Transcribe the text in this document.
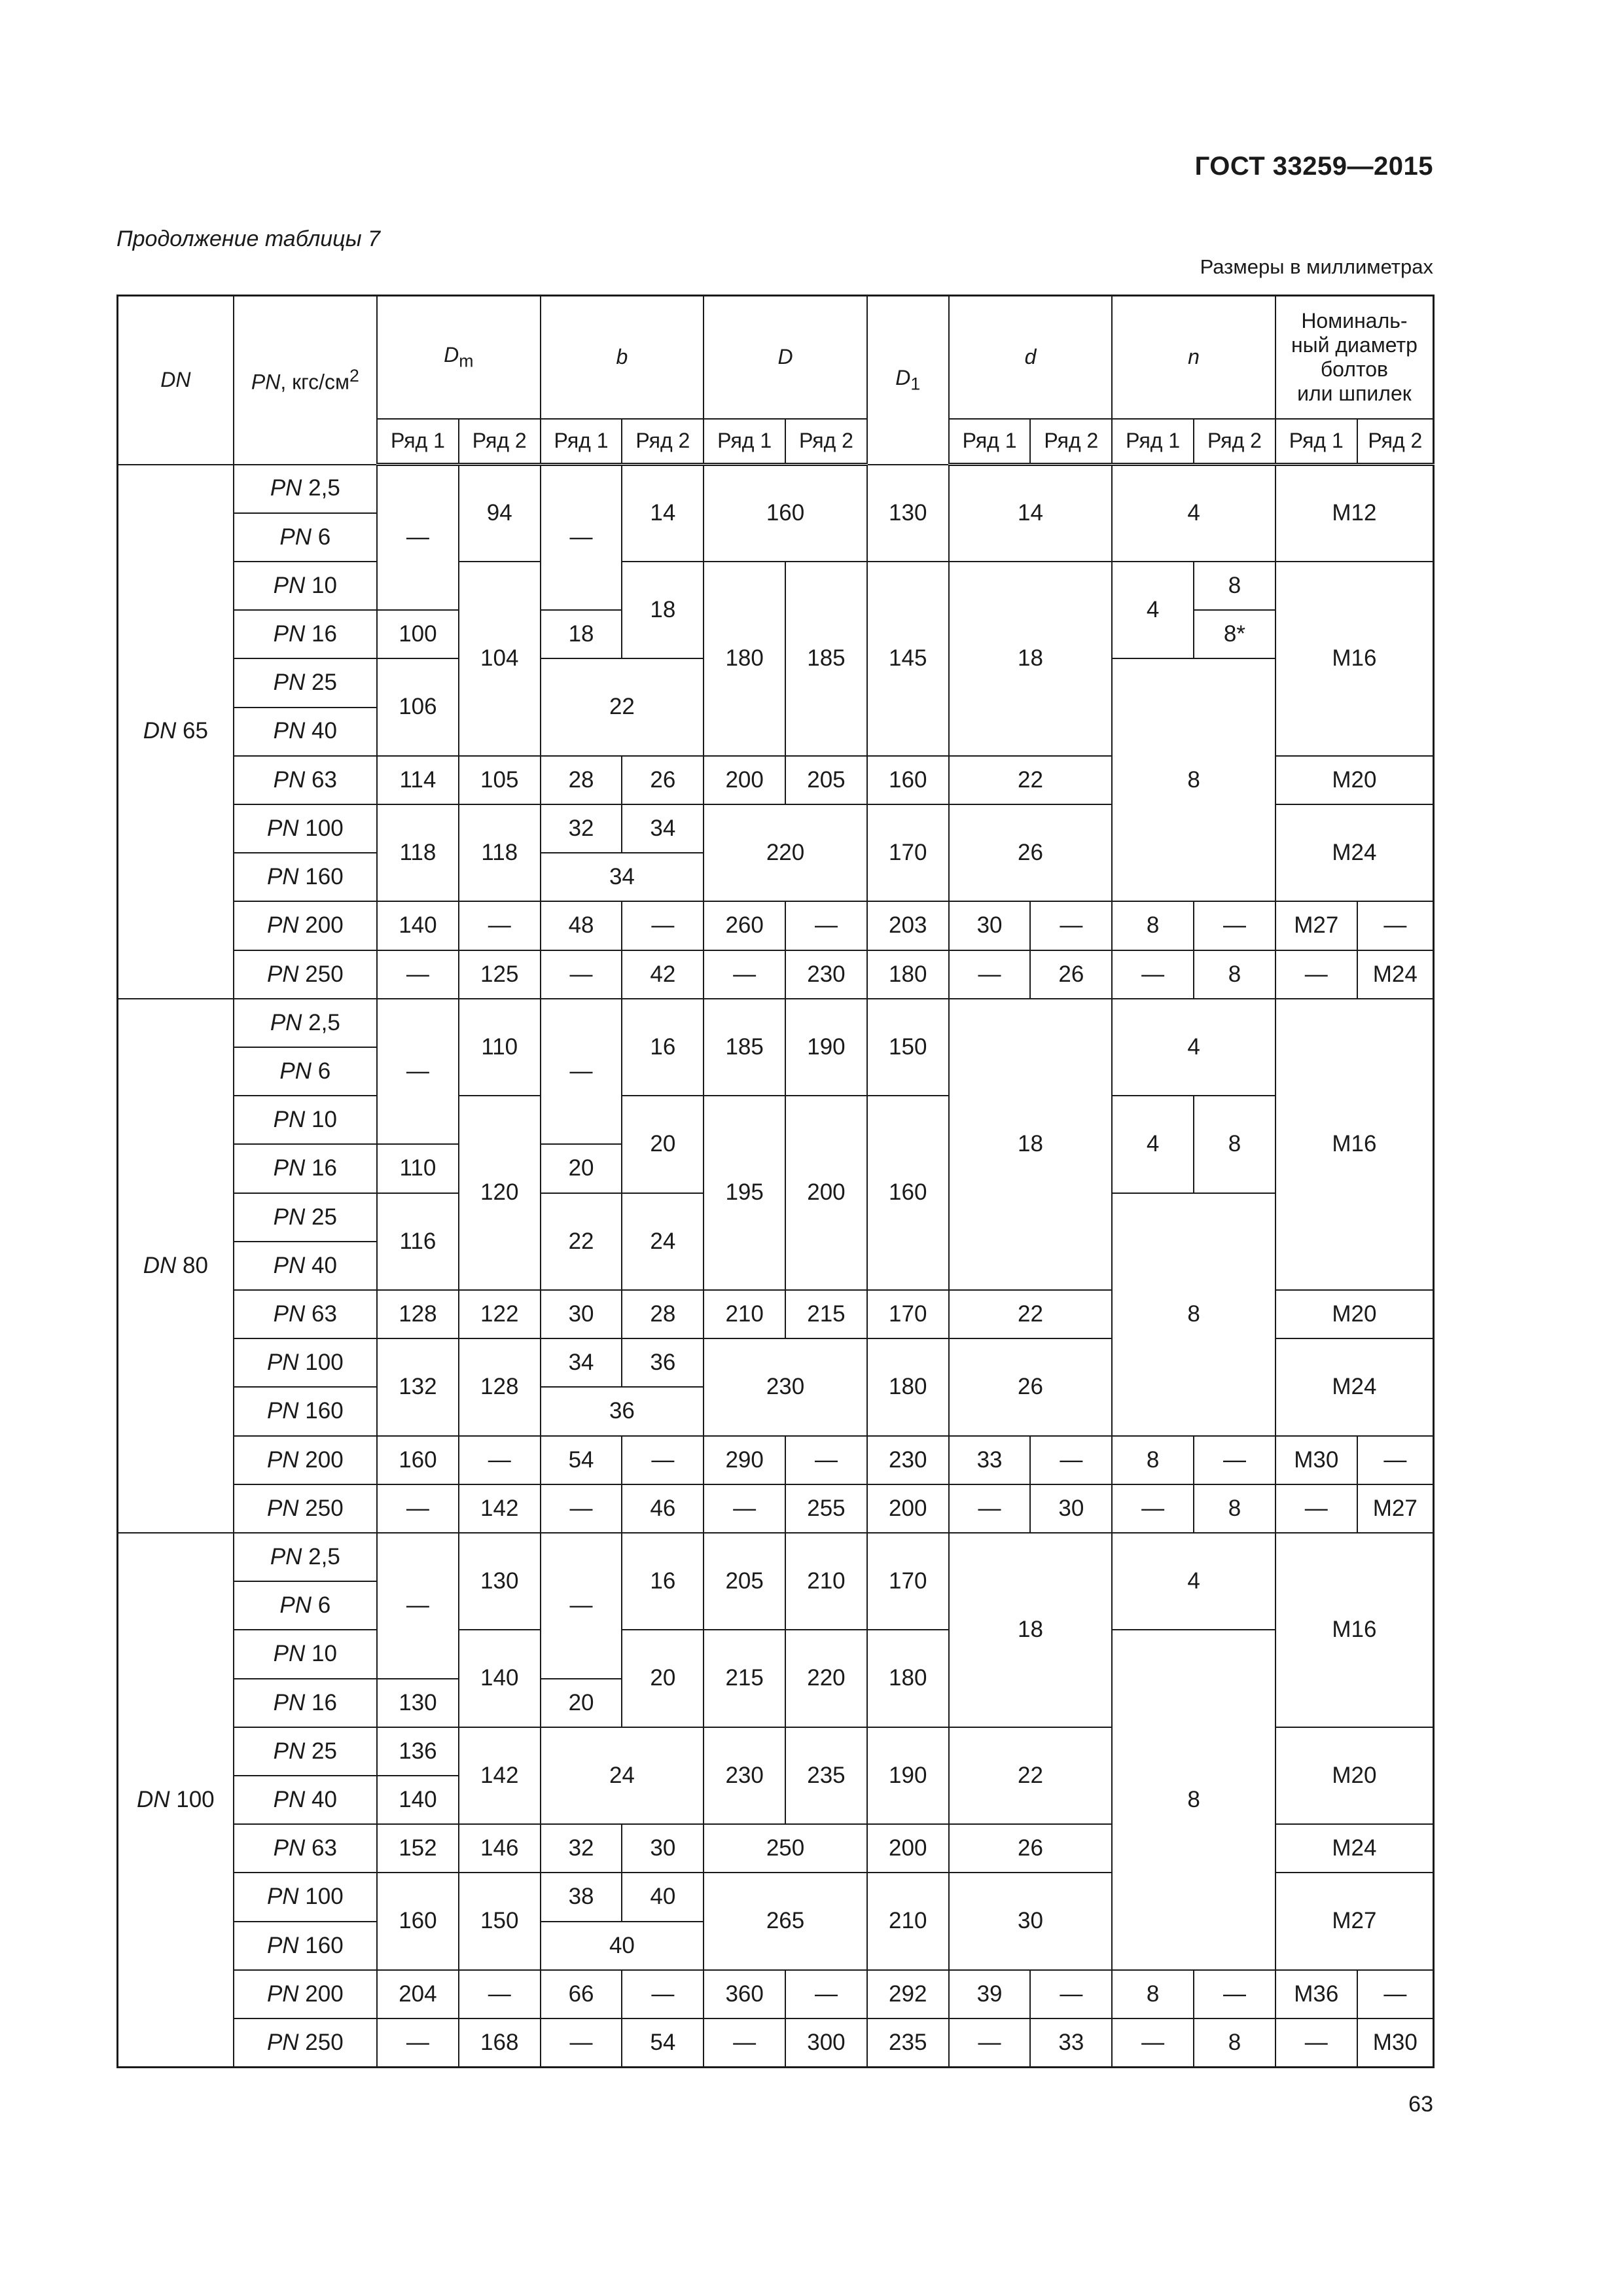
ГОСТ 33259—2015
Продолжение таблицы 7
Размеры в миллиметрах
DN	PN, кгс/$см^2$	$D_m$		b		D		$D_1$	d		n		Номиналь-
ный диаметр
болтов
или шпилек	
		Ряд 1	Ряд 2	Ряд 1	Ряд 2	Ряд 1	Ряд 2		Ряд 1	Ряд 2	Ряд 1	Ряд 2	Ряд 1	Ряд 2
DN 65	PN 2,5	—	94	—	14	160		130	14		4		M12	
	PN 6													
	PN 10		104		18	180	185	145	18		4	8	M16	
	PN 16	100		18								8*		
	PN 25	106		22							8			
	PN 40													
	PN 63	114	105	28	26	200	205	160	22				M20	
	PN 100	118	118	32	34	220		170	26				M24	
	PN 160			34										
	PN 200	140	—	48	—	260	—	203	30	—	8	—	M27	—
	PN 250	—	125	—	42	—	230	180	—	26	—	8	—	M24
DN 80	PN 2,5	—	110	—	16	185	190	150	18		4		M16	
	PN 6													
	PN 10		120		20	195	200	160			4	8		
	PN 16	110		20										
	PN 25	116		22	24						8			
	PN 40													
	PN 63	128	122	30	28	210	215	170	22				M20	
	PN 100	132	128	34	36	230		180	26				M24	
	PN 160			36										
	PN 200	160	—	54	—	290	—	230	33	—	8	—	M30	—
	PN 250	—	142	—	46	—	255	200	—	30	—	8	—	M27
DN 100	PN 2,5	—	130	—	16	205	210	170	18		4		M16	
	PN 6													
	PN 10		140		20	215	220	180			8			
	PN 16	130		20										
	PN 25	136	142	24		230	235	190	22				M20	
	PN 40	140												
	PN 63	152	146	32	30	250		200	26				M24	
	PN 100	160	150	38	40	265		210	30				M27	
	PN 160			40										
	PN 200	204	—	66	—	360	—	292	39	—	8	—	M36	—
	PN 250	—	168	—	54	—	300	235	—	33	—	8	—	M30
63
